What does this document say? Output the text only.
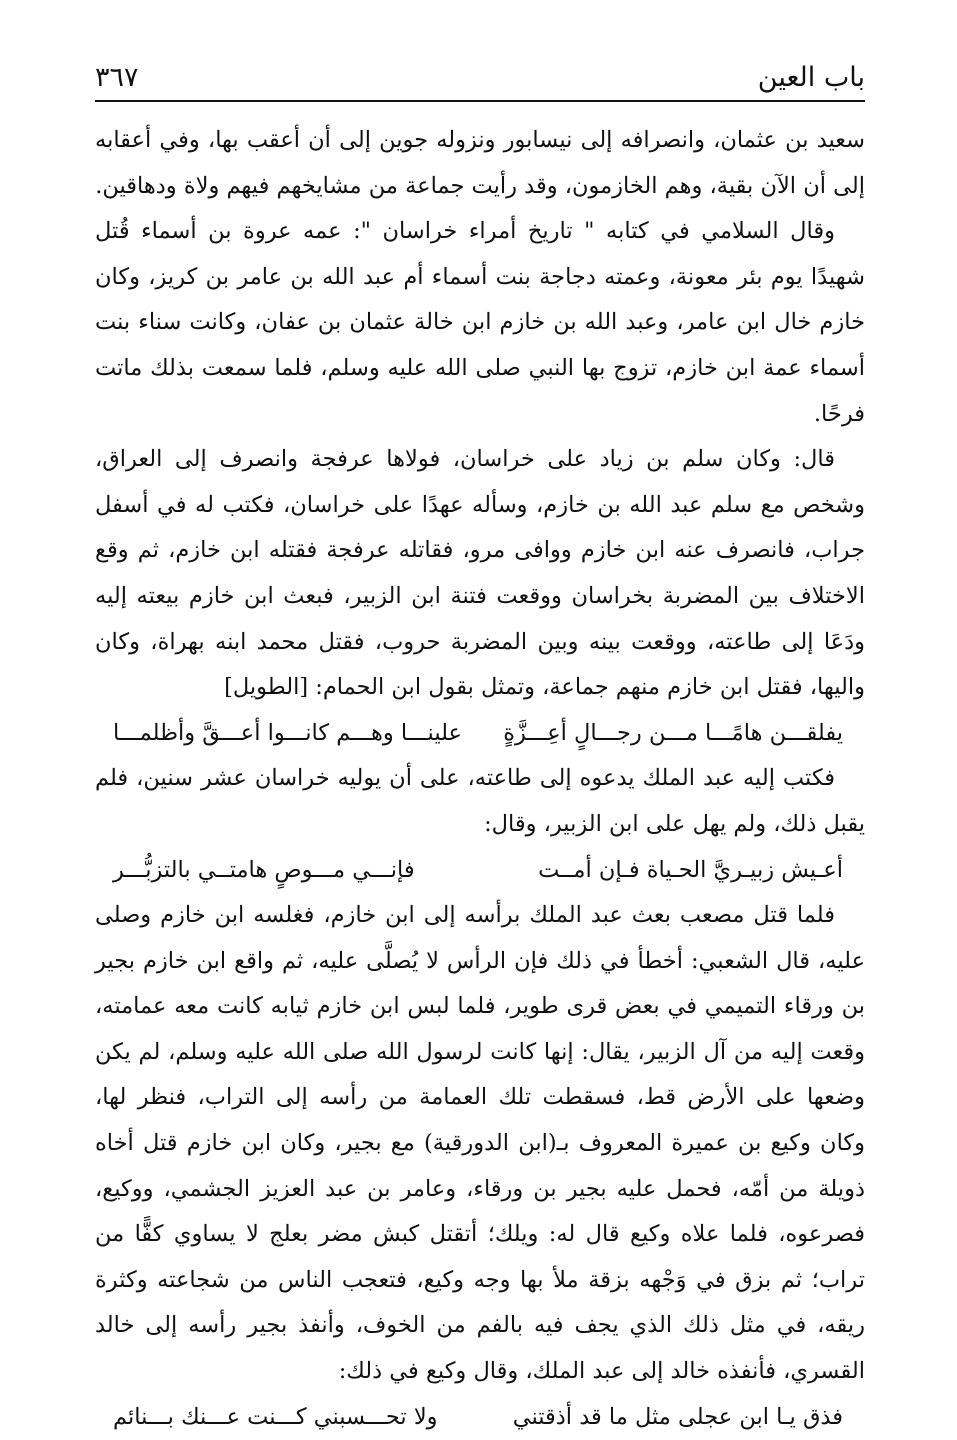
باب العين
٣٦٧

سعيد بن عثمان، وانصرافه إلى نيسابور ونزوله جوين إلى أن أعقب بها، وفي أعقابه إلى أن الآن بقية، وهم الخازمون، وقد رأيت جماعة من مشايخهم فيهم ولاة ودهاقين.

وقال السلامي في كتابه " تاريخ أمراء خراسان ": عمه عروة بن أسماء قُتل شهيدًا يوم بئر معونة، وعمته دجاجة بنت أسماء أم عبد الله بن عامر بن كريز، وكان خازم خال ابن عامر، وعبد الله بن خازم ابن خالة عثمان بن عفان، وكانت سناء بنت أسماء عمة ابن خازم، تزوج بها النبي صلى الله عليه وسلم، فلما سمعت بذلك ماتت فرحًا.

قال: وكان سلم بن زياد على خراسان، فولاها عرفجة وانصرف إلى العراق، وشخص مع سلم عبد الله بن خازم، وسأله عهدًا على خراسان، فكتب له في أسفل جراب، فانصرف عنه ابن خازم ووافى مرو، فقاتله عرفجة فقتله ابن خازم، ثم وقع الاختلاف بين المضربة بخراسان ووقعت فتنة ابن الزبير، فبعث ابن خازم بيعته إليه ودَعَا إلى طاعته، ووقعت بينه وبين المضربة حروب، فقتل محمد ابنه بهراة، وكان واليها، فقتل ابن خازم منهم جماعة، وتمثل بقول ابن الحمام: [الطويل]

يفلقـــن هامًـــا مـــن رجـــالٍ أعِـــزَّةٍ
علينـــا وهـــم كانـــوا أعـــقَّ وأظلمـــا

فكتب إليه عبد الملك يدعوه إلى طاعته، على أن يوليه خراسان عشر سنين، فلم يقبل ذلك، ولم يهل على ابن الزبير، وقال:

أعـيش زبيـريَّ الحـياة فـإن أمــت
فإنـــي مـــوصٍ هامتــي بالتزبُّـــر

فلما قتل مصعب بعث عبد الملك برأسه إلى ابن خازم، فغلسه ابن خازم وصلى عليه، قال الشعبي: أخطأ في ذلك فإن الرأس لا يُصلَّى عليه، ثم واقع ابن خازم بجير بن ورقاء التميمي في بعض قرى طوير، فلما لبس ابن خازم ثيابه كانت معه عمامته، وقعت إليه من آل الزبير، يقال: إنها كانت لرسول الله صلى الله عليه وسلم، لم يكن وضعها على الأرض قط، فسقطت تلك العمامة من رأسه إلى التراب، فنظر لها، وكان وكيع بن عميرة المعروف بـ(ابن الدورقية) مع بجير، وكان ابن خازم قتل أخاه ذويلة من أمّه، فحمل عليه بجير بن ورقاء، وعامر بن عبد العزيز الجشمي، ووكيع، فصرعوه، فلما علاه وكيع قال له: ويلك؛ أتقتل كبش مضر بعلج لا يساوي كفًّا من تراب؛ ثم بزق في وَجْهه بزقة ملأ بها وجه وكيع، فتعجب الناس من شجاعته وكثرة ريقه، في مثل ذلك الذي يجف فيه بالفم من الخوف، وأنفذ بجير رأسه إلى خالد القسري، فأنفذه خالد إلى عبد الملك، وقال وكيع في ذلك:

فذق يـا ابن عجلى مثل ما قد أذقتني
ولا تحـــسبني كـــنت عـــنك بـــنائم
